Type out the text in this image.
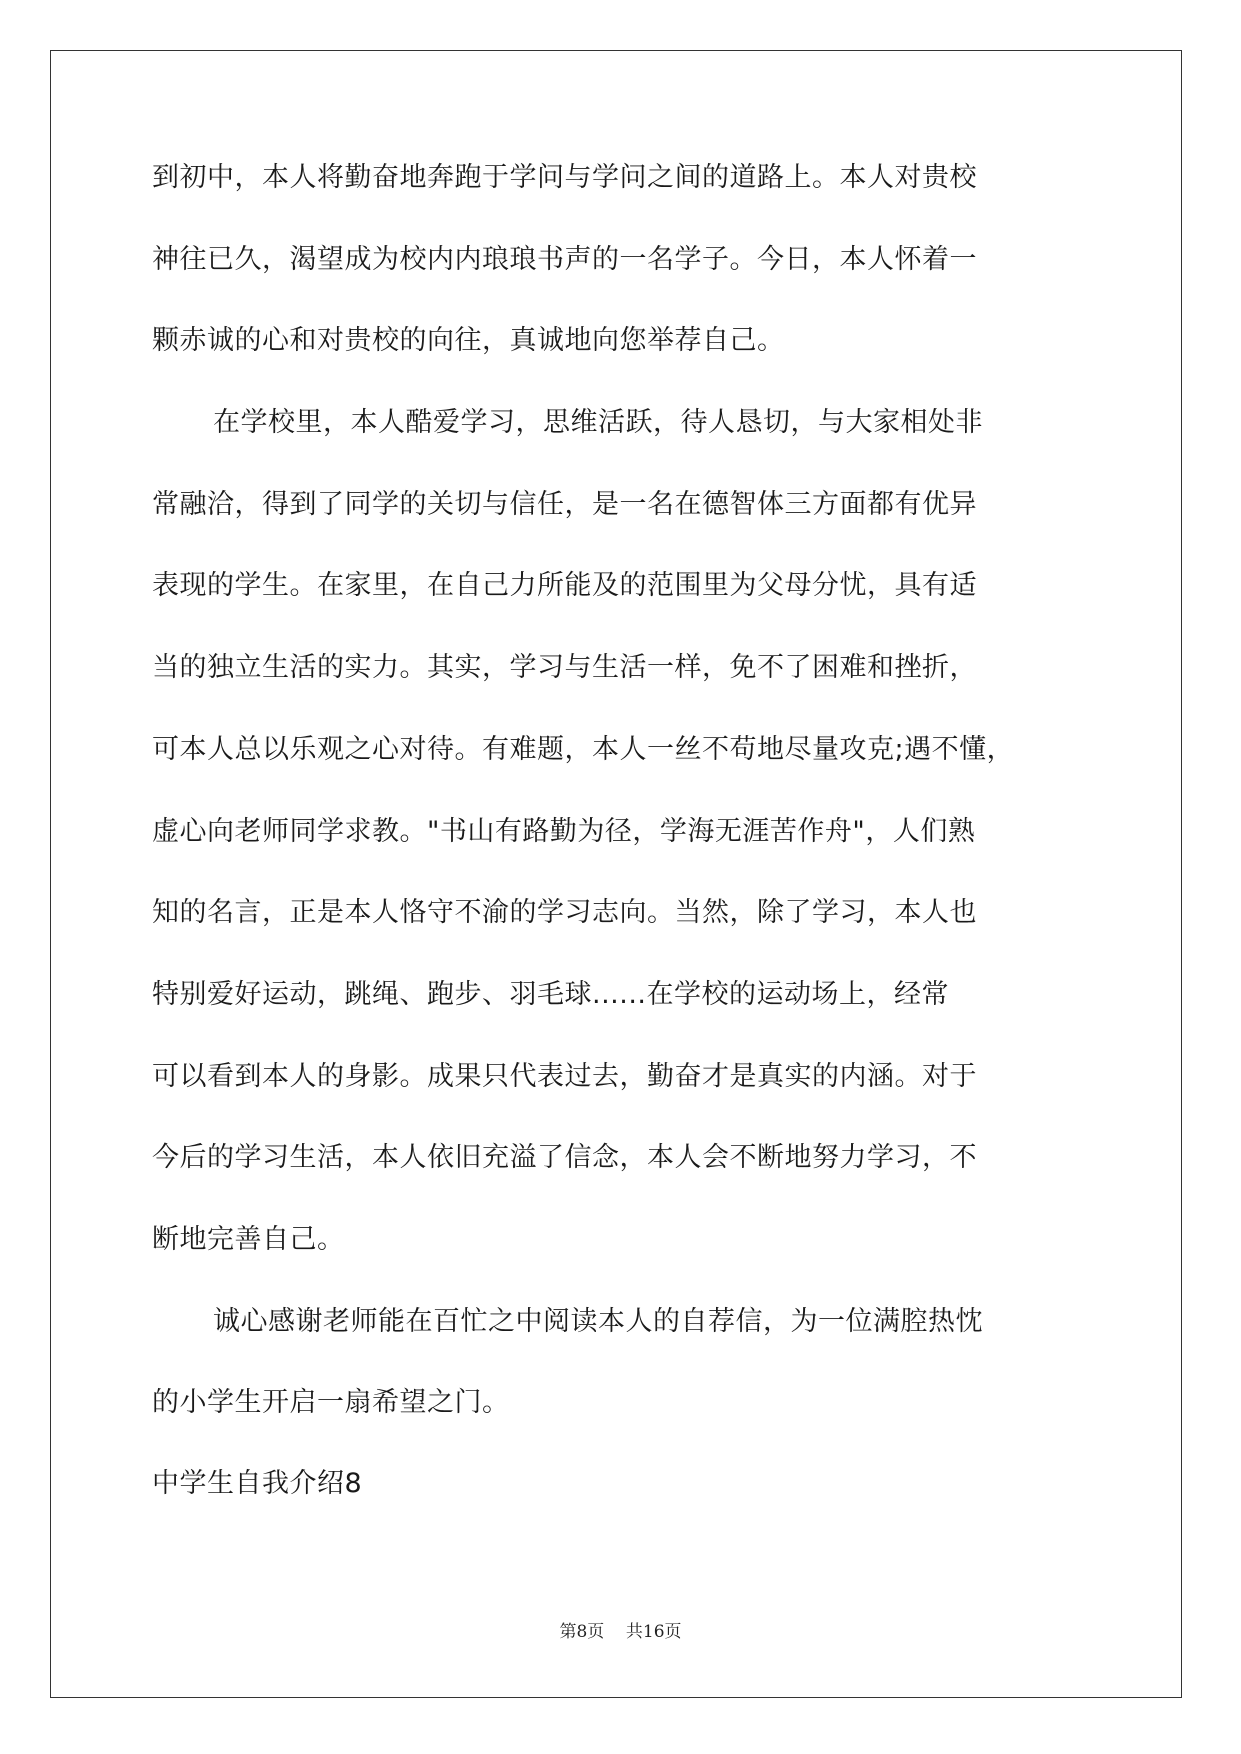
到初中，本人将勤奋地奔跑于学问与学问之间的道路上。本人对贵校
神往已久，渴望成为校内内琅琅书声的一名学子。今日，本人怀着一
颗赤诚的心和对贵校的向往，真诚地向您举荐自己。
在学校里，本人酷爱学习，思维活跃，待人恳切，与大家相处非
常融洽，得到了同学的关切与信任，是一名在德智体三方面都有优异
表现的学生。在家里，在自己力所能及的范围里为父母分忧，具有适
当的独立生活的实力。其实，学习与生活一样，免不了困难和挫折，
可本人总以乐观之心对待。有难题，本人一丝不苟地尽量攻克;遇不懂，
虚心向老师同学求教。"书山有路勤为径，学海无涯苦作舟"，人们熟
知的名言，正是本人恪守不渝的学习志向。当然，除了学习，本人也
特别爱好运动，跳绳、跑步、羽毛球......在学校的运动场上，经常
可以看到本人的身影。成果只代表过去，勤奋才是真实的内涵。对于
今后的学习生活，本人依旧充溢了信念，本人会不断地努力学习，不
断地完善自己。
诚心感谢老师能在百忙之中阅读本人的自荐信，为一位满腔热忱
的小学生开启一扇希望之门。
中学生自我介绍8
第8页 共16页
